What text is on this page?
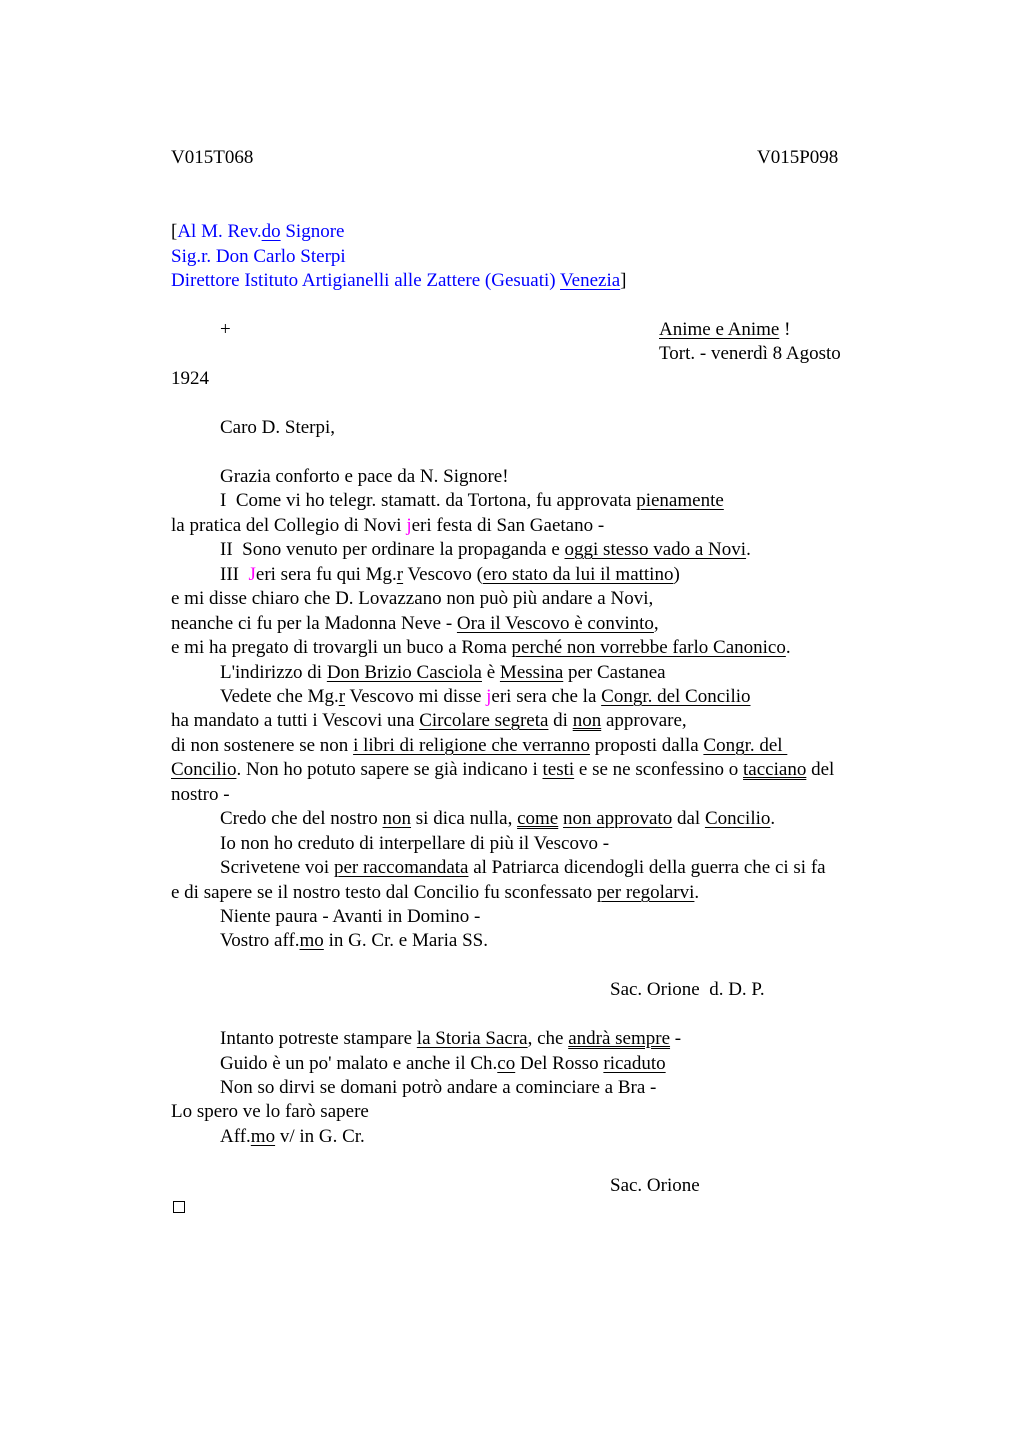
V015T068	V015P098
[Al M. Rev.do Signore
Sig.r. Don Carlo Sterpi
Direttore Istituto Artigianelli alle Zattere (Gesuati) Venezia]
+	Anime e Anime !
Tort. - venerdì 8 Agosto
1924
Caro D. Sterpi,
Grazia conforto e pace da N. Signore!
I  Come vi ho telegr. stamatt. da Tortona, fu approvata pienamente
la pratica del Collegio di Novi jeri festa di San Gaetano -
II  Sono venuto per ordinare la propaganda e oggi stesso vado a Novi.
III  Jeri sera fu qui Mg.r Vescovo (ero stato da lui il mattino)
e mi disse chiaro che D. Lovazzano non può più andare a Novi,
neanche ci fu per la Madonna Neve - Ora il Vescovo è convinto,
e mi ha pregato di trovargli un buco a Roma perché non vorrebbe farlo Canonico.
L'indirizzo di Don Brizio Casciola è Messina per Castanea
Vedete che Mg.r Vescovo mi disse jeri sera che la Congr. del Concilio
ha mandato a tutti i Vescovi una Circolare segreta di non approvare,
di non sostenere se non i libri di religione che verranno proposti dalla Congr. del
Concilio. Non ho potuto sapere se già indicano i testi e se ne sconfessino o tacciano del
nostro -
Credo che del nostro non si dica nulla, come non approvato dal Concilio.
Io non ho creduto di interpellare di più il Vescovo -
Scrivetene voi per raccomandata al Patriarca dicendogli della guerra che ci si fa
e di sapere se il nostro testo dal Concilio fu sconfessato per regolarvi.
Niente paura - Avanti in Domino -
Vostro aff.mo in G. Cr. e Maria SS.
Sac. Orione  d. D. P.
Intanto potreste stampare la Storia Sacra, che andrà sempre -
Guido è un po' malato e anche il Ch.co Del Rosso ricaduto
Non so dirvi se domani potrò andare a cominciare a Bra -
Lo spero ve lo farò sapere
Aff.mo v/ in G. Cr.
Sac. Orione
